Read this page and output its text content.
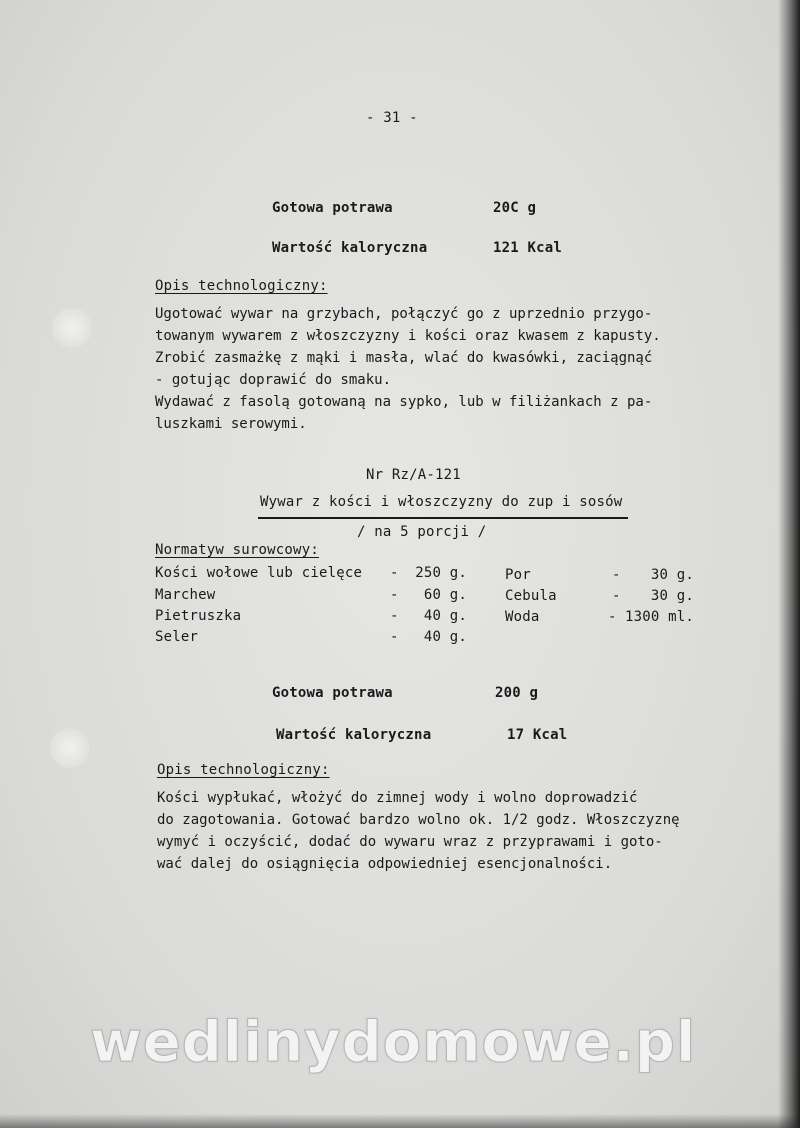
- 31 -
Gotowa potrawa	20C g
Wartość kaloryczna	121 Kcal
Opis technologiczny:
Ugotować wywar na grzybach, połączyć go z uprzednio przygo-
towanym wywarem z włoszczyzny i kości oraz kwasem z kapusty.
Zrobić zasmażkę z mąki i masła, wlać do kwasówki, zaciągnąć
- gotując doprawić do smaku.
Wydawać z fasolą gotowaną na sypko, lub w filiżankach z pa-
luszkami serowymi.
Nr Rz/A-121
Wywar z kości i włoszczyzny do zup i sosów
/ na 5 porcji /
Normatyw surowcowy:
Kości wołowe lub cielęce -	250 g.
Marchew	-	60 g.
Pietruszka	-	40 g.
Seler	-	40 g.
Por	-	30 g.
Cebula	-	30 g.
Woda	- 1300 ml.
Gotowa potrawa	200 g
Wartość kaloryczna	17 Kcal
Opis technologiczny:
Kości wypłukać, włożyć do zimnej wody i wolno doprowadzić
do zagotowania. Gotować bardzo wolno ok. 1/2 godz. Włoszczyznę
wymyć i oczyścić, dodać do wywaru wraz z przyprawami i goto-
wać dalej do osiągnięcia odpowiedniej esencjonalności.
wedlinydomowe.pl
